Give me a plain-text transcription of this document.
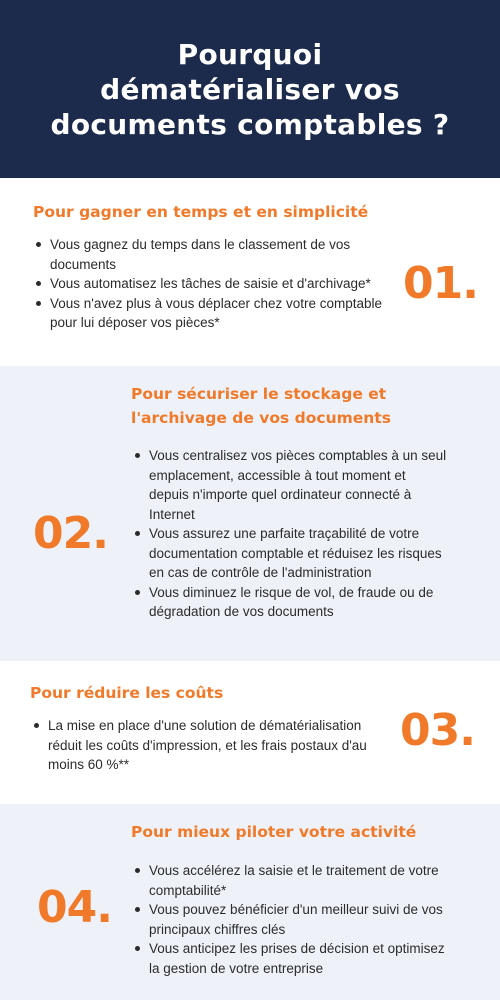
Pourquoi
dématérialiser vos
documents comptables ?
Pour gagner en temps et en simplicité
Vous gagnez du temps dans le classement de vos documents
Vous automatisez les tâches de saisie et d'archivage*
Vous n'avez plus à vous déplacer chez votre comptable pour lui déposer vos pièces*
01.
Pour sécuriser le stockage et l'archivage de vos documents
Vous centralisez vos pièces comptables à un seul emplacement, accessible à tout moment et depuis n'importe quel ordinateur connecté à Internet
Vous assurez une parfaite traçabilité de votre documentation comptable et réduisez les risques en cas de contrôle de l'administration
Vous diminuez le risque de vol, de fraude ou de dégradation de vos documents
02.
Pour réduire les coûts
La mise en place d'une solution de dématérialisation réduit les coûts d'impression, et les frais postaux d'au moins 60 %**
03.
Pour mieux piloter votre activité
Vous accélérez la saisie et le traitement de votre comptabilité*
Vous pouvez bénéficier d'un meilleur suivi de vos principaux chiffres clés
Vous anticipez les prises de décision et optimisez la gestion de votre entreprise
04.
